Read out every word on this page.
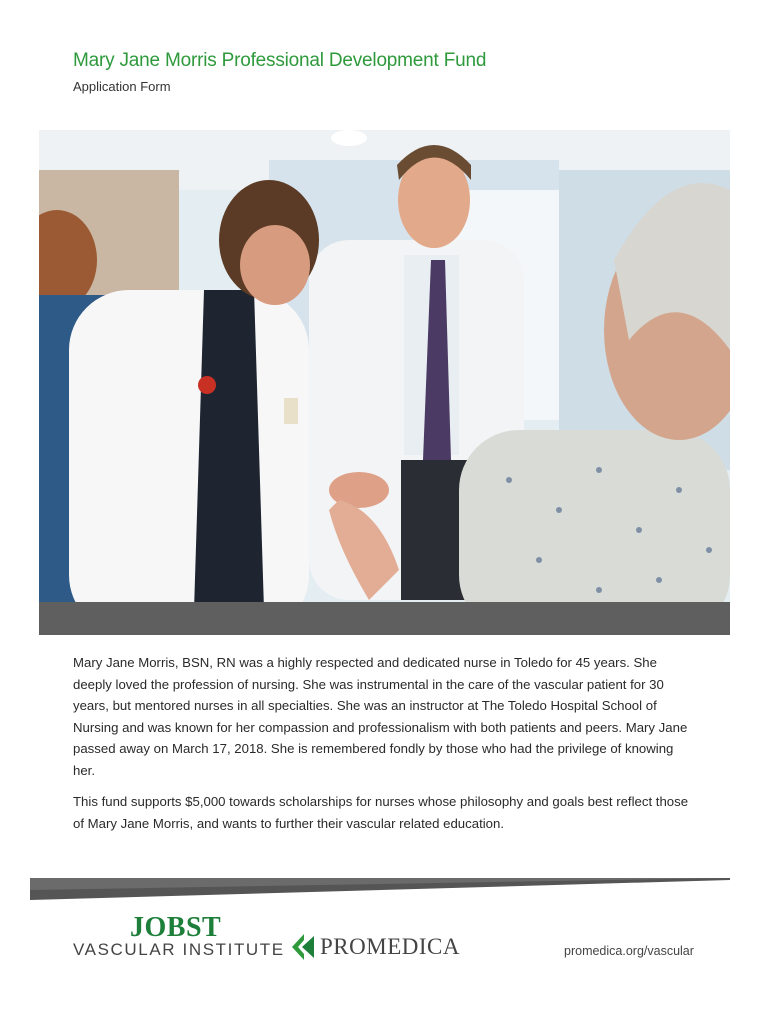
Mary Jane Morris Professional Development Fund
Application Form

Mary Jane Morris, BSN, RN was a highly respected and dedicated nurse in Toledo for 45 years. She deeply loved the profession of nursing. She was instrumental in the care of the vascular patient for 30 years, but mentored nurses in all specialties. She was an instructor at The Toledo Hospital School of Nursing and was known for her compassion and professionalism with both patients and peers. Mary Jane passed away on March 17, 2018. She is remembered fondly by those who had the privilege of knowing her.

This fund supports $5,000 towards scholarships for nurses whose philosophy and goals best reflect those of Mary Jane Morris, and wants to further their vascular related education.

JOBST
VASCULAR INSTITUTE PROMEDICA	promedica.org/vascular
